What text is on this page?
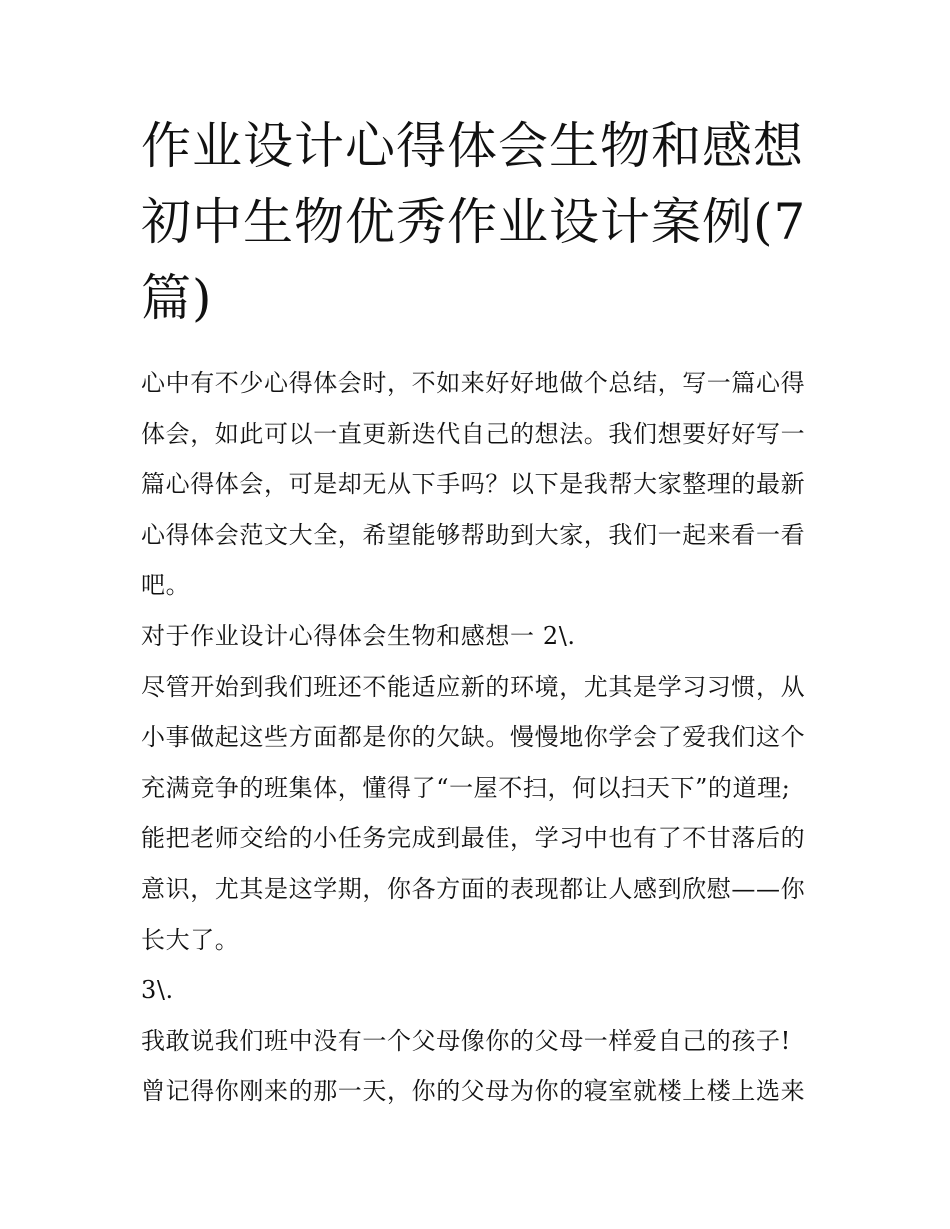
作业设计心得体会生物和感想
初中生物优秀作业设计案例(7
篇)

心中有不少心得体会时，不如来好好地做个总结，写一篇心得
体会，如此可以一直更新迭代自己的想法。我们想要好好写一
篇心得体会，可是却无从下手吗？以下是我帮大家整理的最新
心得体会范文大全，希望能够帮助到大家，我们一起来看一看
吧。

对于作业设计心得体会生物和感想一 2\.

尽管开始到我们班还不能适应新的环境，尤其是学习习惯，从
小事做起这些方面都是你的欠缺。慢慢地你学会了爱我们这个
充满竞争的班集体，懂得了“一屋不扫，何以扫天下”的道理;
能把老师交给的小任务完成到最佳，学习中也有了不甘落后的
意识，尤其是这学期，你各方面的表现都让人感到欣慰——你
长大了。

3\.

我敢说我们班中没有一个父母像你的父母一样爱自己的孩子!
曾记得你刚来的那一天，你的父母为你的寝室就楼上楼上选来
